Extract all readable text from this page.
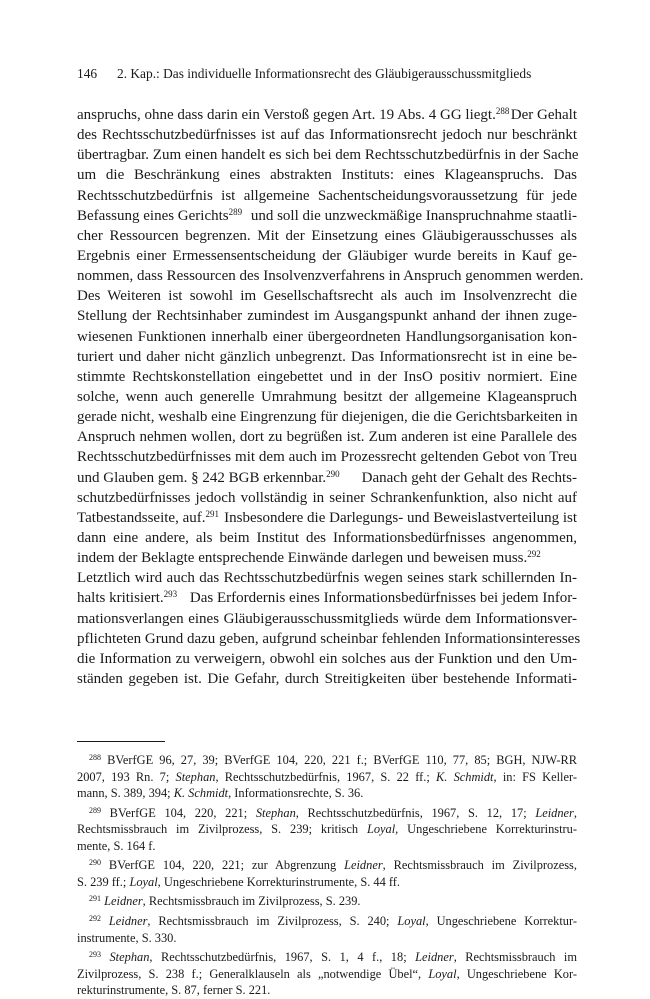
146 2. Kap.: Das individuelle Informationsrecht des Gläubigerausschussmitglieds
anspruchs, ohne dass darin ein Verstoß gegen Art. 19 Abs. 4 GG liegt.$^{288}$ Der Gehalt
des Rechtsschutzbedürfnisses ist auf das Informationsrecht jedoch nur beschränkt
übertragbar. Zum einen handelt es sich bei dem Rechtsschutzbedürfnis in der Sache
um die Beschränkung eines abstrakten Instituts: eines Klageanspruchs. Das
Rechtsschutzbedürfnis ist allgemeine Sachentscheidungsvoraussetzung für jede
Befassung eines Gerichts$^{289}$ und soll die unzweckmäßige Inanspruchnahme staatli-
cher Ressourcen begrenzen. Mit der Einsetzung eines Gläubigerausschusses als
Ergebnis einer Ermessensentscheidung der Gläubiger wurde bereits in Kauf ge-
nommen, dass Ressourcen des Insolvenzverfahrens in Anspruch genommen werden.
Des Weiteren ist sowohl im Gesellschaftsrecht als auch im Insolvenzrecht die
Stellung der Rechtsinhaber zumindest im Ausgangspunkt anhand der ihnen zuge-
wiesenen Funktionen innerhalb einer übergeordneten Handlungsorganisation kon-
turiert und daher nicht gänzlich unbegrenzt. Das Informationsrecht ist in eine be-
stimmte Rechtskonstellation eingebettet und in der InsO positiv normiert. Eine
solche, wenn auch generelle Umrahmung besitzt der allgemeine Klageanspruch
gerade nicht, weshalb eine Eingrenzung für diejenigen, die die Gerichtsbarkeiten in
Anspruch nehmen wollen, dort zu begrüßen ist. Zum anderen ist eine Parallele des
Rechtsschutzbedürfnisses mit dem auch im Prozessrecht geltenden Gebot von Treu
und Glauben gem. § 242 BGB erkennbar.$^{290}$ Danach geht der Gehalt des Rechts-
schutzbedürfnisses jedoch vollständig in seiner Schrankenfunktion, also nicht auf
Tatbestandsseite, auf.$^{291}$ Insbesondere die Darlegungs- und Beweislastverteilung ist
dann eine andere, als beim Institut des Informationsbedürfnisses angenommen,
indem der Beklagte entsprechende Einwände darlegen und beweisen muss.$^{292}$
Letztlich wird auch das Rechtsschutzbedürfnis wegen seines stark schillernden In-
halts kritisiert.$^{293}$ Das Erfordernis eines Informationsbedürfnisses bei jedem Infor-
mationsverlangen eines Gläubigerausschussmitglieds würde dem Informationsver-
pflichteten Grund dazu geben, aufgrund scheinbar fehlenden Informationsinteresses
die Information zu verweigern, obwohl ein solches aus der Funktion und den Um-
ständen gegeben ist. Die Gefahr, durch Streitigkeiten über bestehende Informati-
$^{288}$ BVerfGE 96, 27, 39; BVerfGE 104, 220, 221 f.; BVerfGE 110, 77, 85; BGH, NJW-RR
2007, 193 Rn. 7; Stephan, Rechtsschutzbedürfnis, 1967, S. 22 ff.; K. Schmidt, in: FS Keller-
mann, S. 389, 394; K. Schmidt, Informationsrechte, S. 36.
$^{289}$ BVerfGE 104, 220, 221; Stephan, Rechtsschutzbedürfnis, 1967, S. 12, 17; Leidner,
Rechtsmissbrauch im Zivilprozess, S. 239; kritisch Loyal, Ungeschriebene Korrekturinstru-
mente, S. 164 f.
$^{290}$ BVerfGE 104, 220, 221; zur Abgrenzung Leidner, Rechtsmissbrauch im Zivilprozess,
S. 239 ff.; Loyal, Ungeschriebene Korrekturinstrumente, S. 44 ff.
$^{291}$ Leidner, Rechtsmissbrauch im Zivilprozess, S. 239.
$^{292}$ Leidner, Rechtsmissbrauch im Zivilprozess, S. 240; Loyal, Ungeschriebene Korrektur-
instrumente, S. 330.
$^{293}$ Stephan, Rechtsschutzbedürfnis, 1967, S. 1, 4 f., 18; Leidner, Rechtsmissbrauch im
Zivilprozess, S. 238 f.; Generalklauseln als „notwendige Übel“, Loyal, Ungeschriebene Kor-
rekturinstrumente, S. 87, ferner S. 221.
